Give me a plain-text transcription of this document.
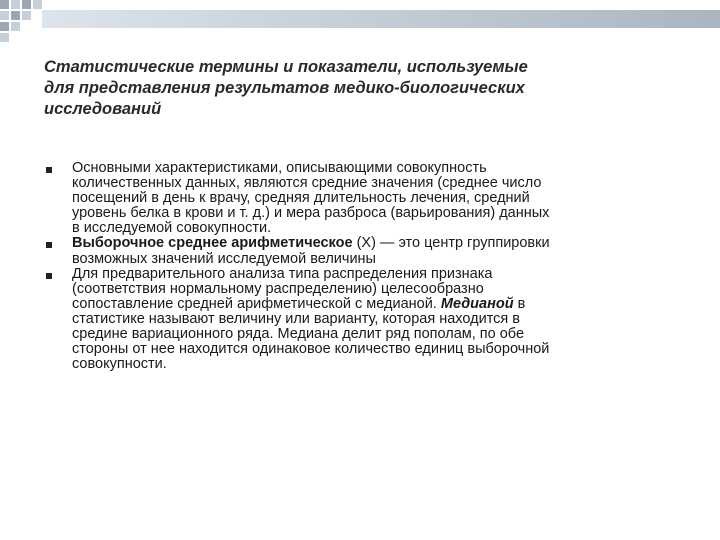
Статистические термины и показатели, используемые
для представления результатов медико-биологических
исследований
Основными характеристиками, описывающими совокупность
количественных данных, являются средние значения (среднее число
посещений в день к врачу, средняя длительность лечения, средний
уровень белка в крови и т. д.) и мера разброса (варьирования) данных
в исследуемой совокупности.
Выборочное среднее арифметическое (X) — это центр группировки
возможных значений исследуемой величины
Для предварительного анализа типа распределения признака
(соответствия нормальному распределению) целесообразно
сопоставление средней арифметической с медианой. Медианой в
статистике называют величину или варианту, которая находится в
средине вариационного ряда. Медиана делит ряд пополам, по обе
стороны от нее находится одинаковое количество единиц выборочной
совокупности.
